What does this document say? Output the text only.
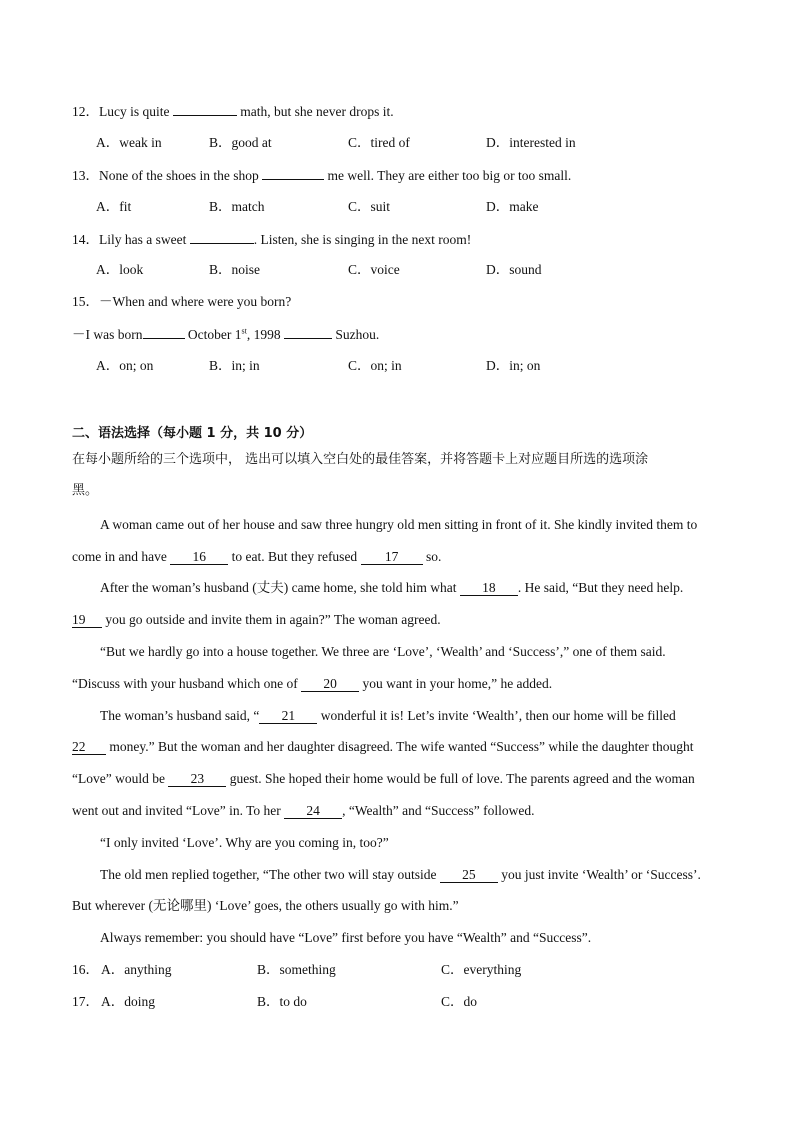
12．Lucy is quite	math, but she never drops it.
A．weak in	B．good at	C．tired of	D．interested in
13．None of the shoes in the shop	me well. They are either too big or too small.
A．fit	B．match	C．suit	D．make
14．Lily has a sweet	. Listen, she is singing in the next room!
A．look	B．noise	C．voice	D．sound
15．－When and where were you born?
－I was born	October 1st, 1998	Suzhou.
A．on; on	B．in; in	C．on; in	D．in; on
二、语法选择（每小题 1 分，共 10 分）
在每小题所给的三个选项中， 选出可以填入空白处的最佳答案，并将答题卡上对应题目所选的选项涂
黑。
A woman came out of her house and saw three hungry old men sitting in front of it. She kindly invited them to
come in and have 16 to eat. But they refused 17 so.
After the woman’s husband (丈夫) came home, she told him what 18 . He said, “But they need help.
19 you go outside and invite them in again?” The woman agreed.
“But we hardly go into a house together. We three are ‘Love’, ‘Wealth’ and ‘Success’,” one of them said.
“Discuss with your husband which one of 20 you want in your home,” he added.
The woman’s husband said, “ 21 wonderful it is! Let’s invite ‘Wealth’, then our home will be filled
22 money.” But the woman and her daughter disagreed. The wife wanted “Success” while the daughter thought
“Love” would be 23 guest. She hoped their home would be full of love. The parents agreed and the woman
went out and invited “Love” in. To her 24 , “Wealth” and “Success” followed.
“I only invited ‘Love’. Why are you coming in, too?”
The old men replied together, “The other two will stay outside 25 you just invite ‘Wealth’ or ‘Success’.
But wherever (无论哪里) ‘Love’ goes, the others usually go with him.”
Always remember: you should have “Love” first before you have “Wealth” and “Success”.
16． A．anything	B．something	C．everything
17． A．doing	B．to do	C．do
